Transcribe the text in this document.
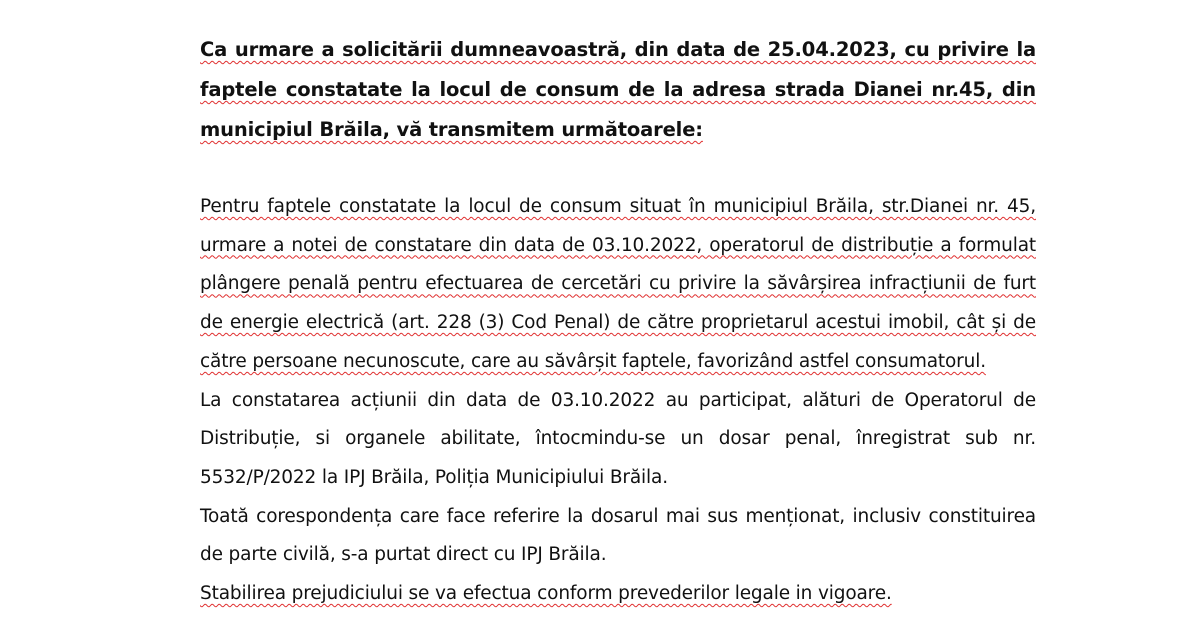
Ca urmare a solicitării dumneavoastră, din data de 25.04.2023, cu privire la faptele constatate la locul de consum de la adresa strada Dianei nr.45, din municipiul Brăila, vă transmitem următoarele:

Pentru faptele constatate la locul de consum situat în municipiul Brăila, str.Dianei nr. 45, urmare a notei de constatare din data de 03.10.2022, operatorul de distribuție a formulat plângere penală pentru efectuarea de cercetări cu privire la săvârșirea infracțiunii de furt de energie electrică (art. 228 (3) Cod Penal) de către proprietarul acestui imobil, cât și de către persoane necunoscute, care au săvârșit faptele, favorizând astfel consumatorul.

La constatarea acțiunii din data de 03.10.2022 au participat, alături de Operatorul de Distribuție, si organele abilitate, întocmindu-se un dosar penal, înregistrat sub nr. 5532/P/2022 la IPJ Brăila, Poliția Municipiului Brăila.

Toată corespondența care face referire la dosarul mai sus menționat, inclusiv constituirea de parte civilă, s-a purtat direct cu IPJ Brăila.

Stabilirea prejudiciului se va efectua conform prevederilor legale in vigoare.
